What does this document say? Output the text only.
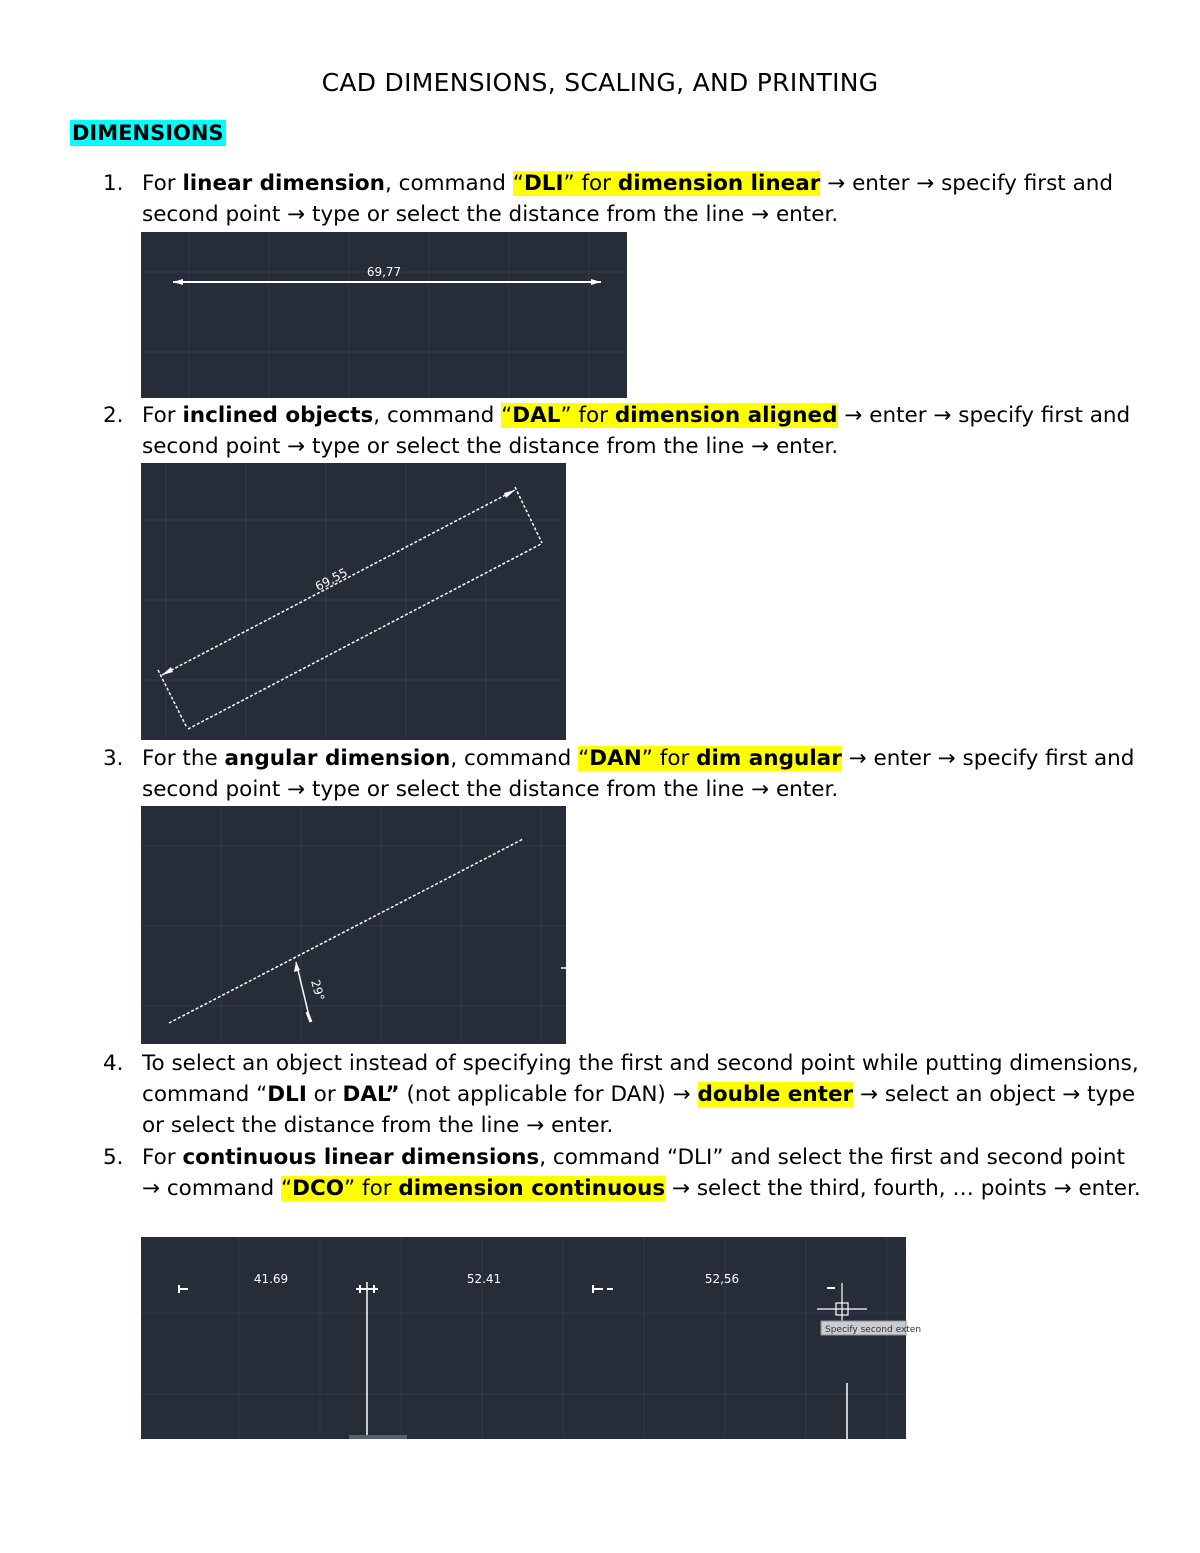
CAD DIMENSIONS, SCALING, AND PRINTING
DIMENSIONS
1. For linear dimension, command “DLI” for dimension linear → enter → specify first and second point → type or select the distance from the line → enter.
69,77
2. For inclined objects, command “DAL” for dimension aligned → enter → specify first and second point → type or select the distance from the line → enter.
69,55
3. For the angular dimension, command “DAN” for dim angular → enter → specify first and second point → type or select the distance from the line → enter.
29°
4. To select an object instead of specifying the first and second point while putting dimensions, command “DLI or DAL” (not applicable for DAN) → double enter → select an object → type or select the distance from the line → enter.
5. For continuous linear dimensions, command “DLI” and select the first and second point → command “DCO” for dimension continuous → select the third, fourth, … points → enter.
Specify second exten
41.69	52.41	52,56
